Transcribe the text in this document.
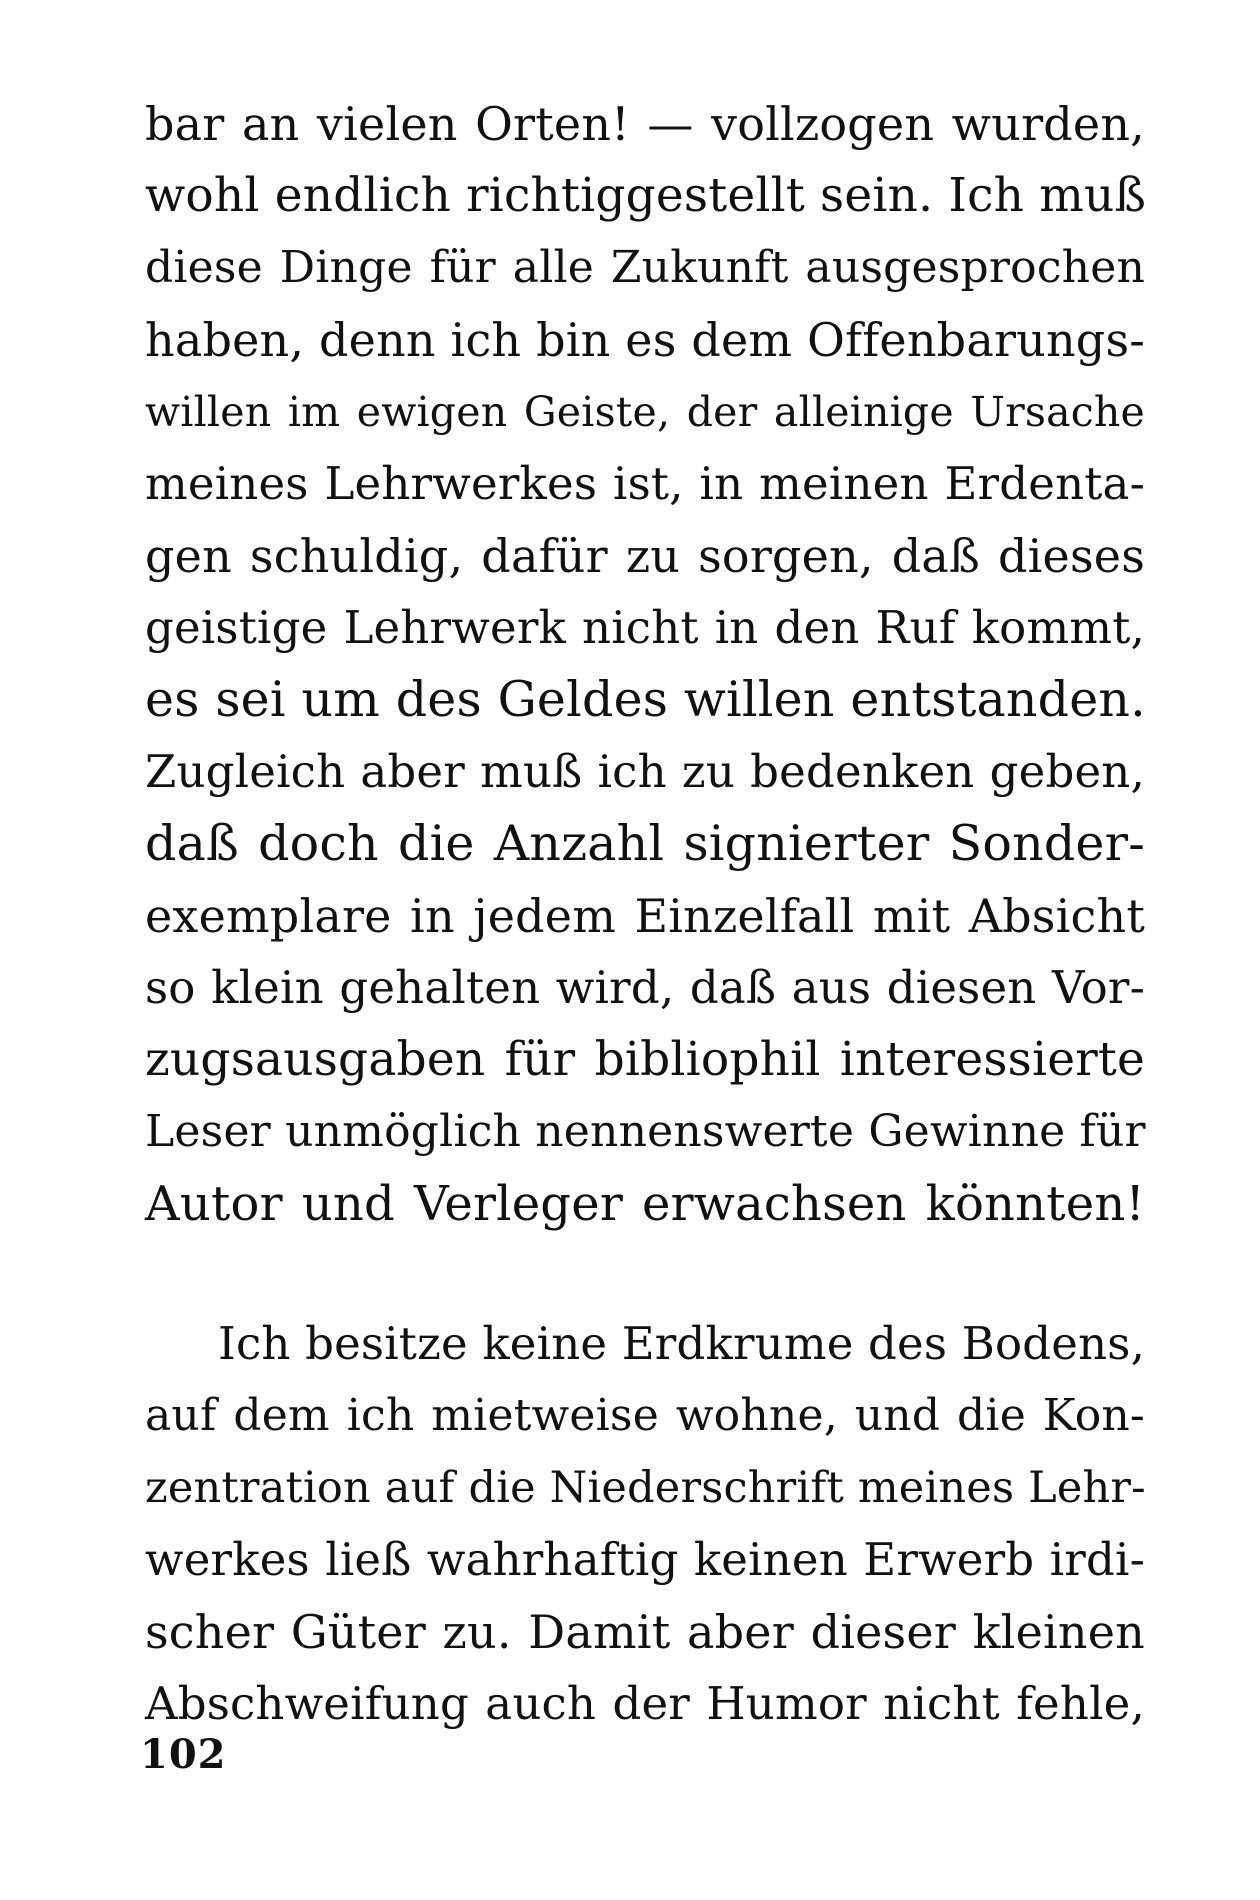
bar an vielen Orten! — vollzogen wurden,
wohl endlich richtiggestellt sein. Ich muß
diese Dinge für alle Zukunft ausgesprochen
haben, denn ich bin es dem Offenbarungs-
willen im ewigen Geiste, der alleinige Ursache
meines Lehrwerkes ist, in meinen Erdenta-
gen schuldig, dafür zu sorgen, daß dieses
geistige Lehrwerk nicht in den Ruf kommt,
es sei um des Geldes willen entstanden.
Zugleich aber muß ich zu bedenken geben,
daß doch die Anzahl signierter Sonder-
exemplare in jedem Einzelfall mit Absicht
so klein gehalten wird, daß aus diesen Vor-
zugsausgaben für bibliophil interessierte
Leser unmöglich nennenswerte Gewinne für
Autor und Verleger erwachsen könnten!
Ich besitze keine Erdkrume des Bodens,
auf dem ich mietweise wohne, und die Kon-
zentration auf die Niederschrift meines Lehr-
werkes ließ wahrhaftig keinen Erwerb irdi-
scher Güter zu. Damit aber dieser kleinen
Abschweifung auch der Humor nicht fehle,
102
